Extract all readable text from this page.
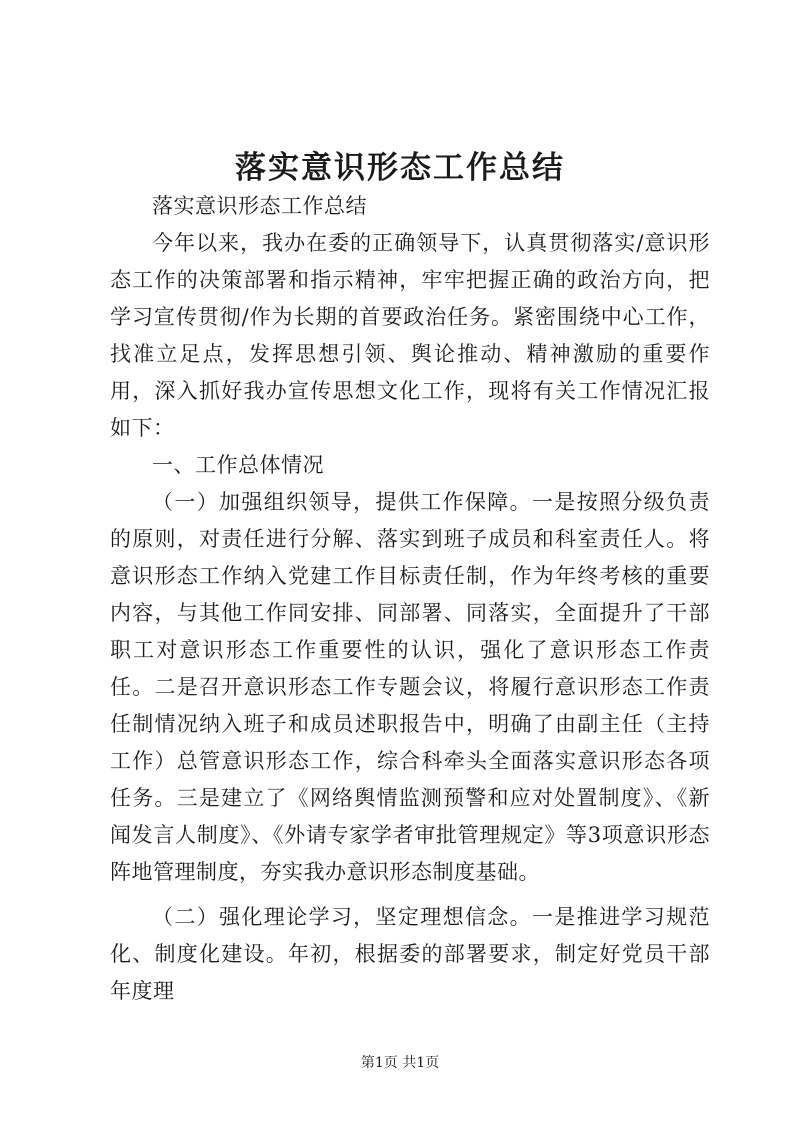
落实意识形态工作总结

落实意识形态工作总结

今年以来，我办在委的正确领导下，认真贯彻落实/意识形态工作的决策部署和指示精神，牢牢把握正确的政治方向，把学习宣传贯彻/作为长期的首要政治任务。紧密围绕中心工作，找准立足点，发挥思想引领、舆论推动、精神激励的重要作用，深入抓好我办宣传思想文化工作，现将有关工作情况汇报如下：

一、工作总体情况

（一）加强组织领导，提供工作保障。一是按照分级负责的原则，对责任进行分解、落实到班子成员和科室责任人。将意识形态工作纳入党建工作目标责任制，作为年终考核的重要内容，与其他工作同安排、同部署、同落实，全面提升了干部职工对意识形态工作重要性的认识，强化了意识形态工作责任。二是召开意识形态工作专题会议，将履行意识形态工作责任制情况纳入班子和成员述职报告中，明确了由副主任（主持工作）总管意识形态工作，综合科牵头全面落实意识形态各项任务。三是建立了《网络舆情监测预警和应对处置制度》、《新闻发言人制度》、《外请专家学者审批管理规定》等3项意识形态阵地管理制度，夯实我办意识形态制度基础。

（二）强化理论学习，坚定理想信念。一是推进学习规范化、制度化建设。年初，根据委的部署要求，制定好党员干部年度理

第1页 共1页
